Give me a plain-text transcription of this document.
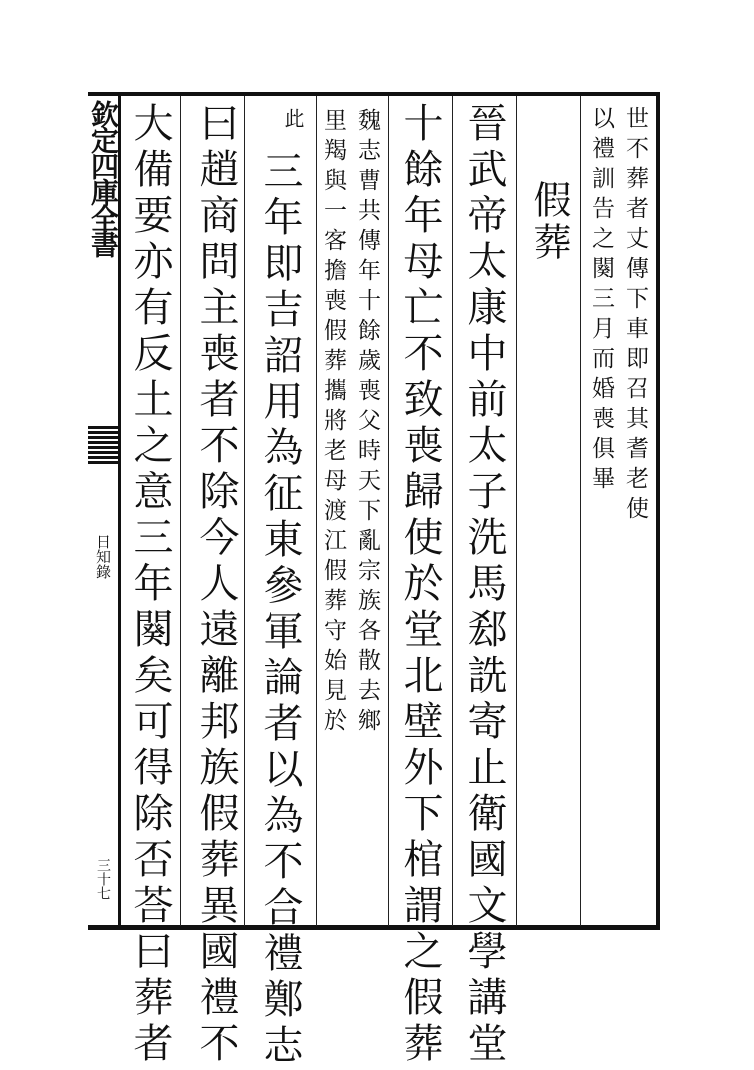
欽定四庫全書
日知錄
三十七
世不葬者丈傳下車即召其耆老使
以禮訓告之闋三月而婚喪俱畢
假葬
晉武帝太康中前太子洗馬郄詵寄止衛國文學講堂
十餘年母亡不致喪歸使於堂北壁外下棺謂之假葬
魏志曹共傳年十餘歲喪父時天下亂宗族各散去鄉
里羯與一客擔喪假葬攜將老母渡江假葬守始見於
此
三年即吉詔用為征東參軍論者以為不合禮鄭志
曰趙商問主喪者不除今人遠離邦族假葬異國禮不
大備要亦有反土之意三年闋矣可得除否荅曰葬者
